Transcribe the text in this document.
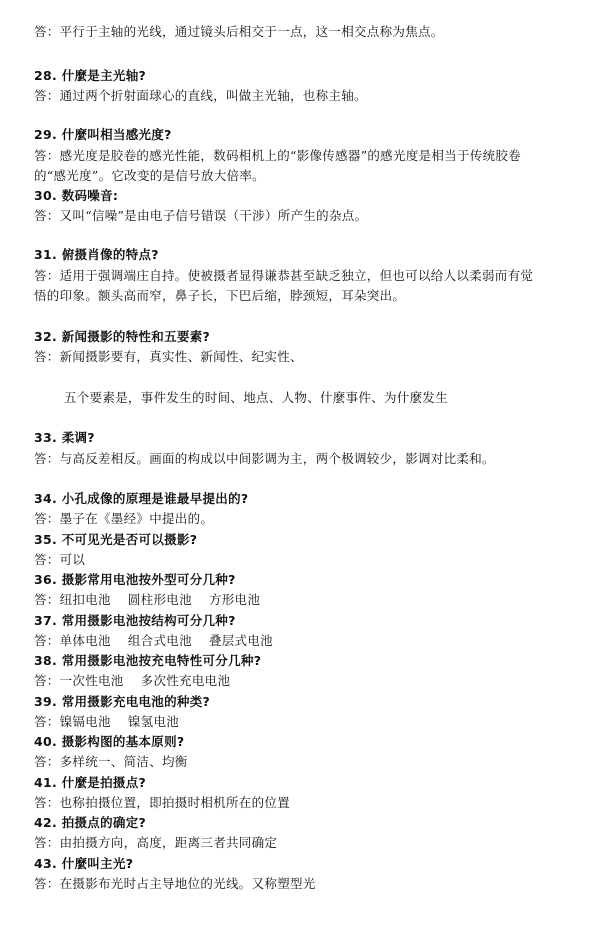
答：平行于主轴的光线，通过镜头后相交于一点，这一相交点称为焦点。
28. 什麼是主光轴?
答：通过两个折射面球心的直线，叫做主光轴，也称主轴。
29. 什麼叫相当感光度?
答：感光度是胶卷的感光性能，数码相机上的“影像传感器”的感光度是相当于传统胶卷
的“感光度”。它改变的是信号放大倍率。
30. 数码噪音:
答：又叫“信噪”是由电子信号错误（干涉）所产生的杂点。
31. 俯摄肖像的特点?
答：适用于强调端庄自持。使被摄者显得谦恭甚至缺乏独立，但也可以给人以柔弱而有觉
悟的印象。额头高而窄，鼻子长，下巴后缩，脖颈短，耳朵突出。
32. 新闻摄影的特性和五要素?
答：新闻摄影要有，真实性、新闻性、纪实性、
五个要素是，事件发生的时间、地点、人物、什麼事件、为什麼发生
33. 柔调?
答：与高反差相反。画面的构成以中间影调为主，两个极调较少，影调对比柔和。
34. 小孔成像的原理是谁最早提出的?
答：墨子在《墨经》中提出的。
35. 不可见光是否可以摄影?
答：可以
36. 摄影常用电池按外型可分几种?
答：纽扣电池　 圆柱形电池　 方形电池
37. 常用摄影电池按结构可分几种?
答：单体电池　 组合式电池　 叠层式电池
38. 常用摄影电池按充电特性可分几种?
答：一次性电池　 多次性充电电池
39. 常用摄影充电电池的种类?
答：镍镉电池　 镍氢电池
40. 摄影构图的基本原则?
答：多样统一、简洁、均衡
41. 什麼是拍摄点?
答：也称拍摄位置，即拍摄时相机所在的位置
42. 拍摄点的确定?
答：由拍摄方向，高度，距离三者共同确定
43. 什麼叫主光?
答：在摄影布光时占主导地位的光线。又称塑型光
